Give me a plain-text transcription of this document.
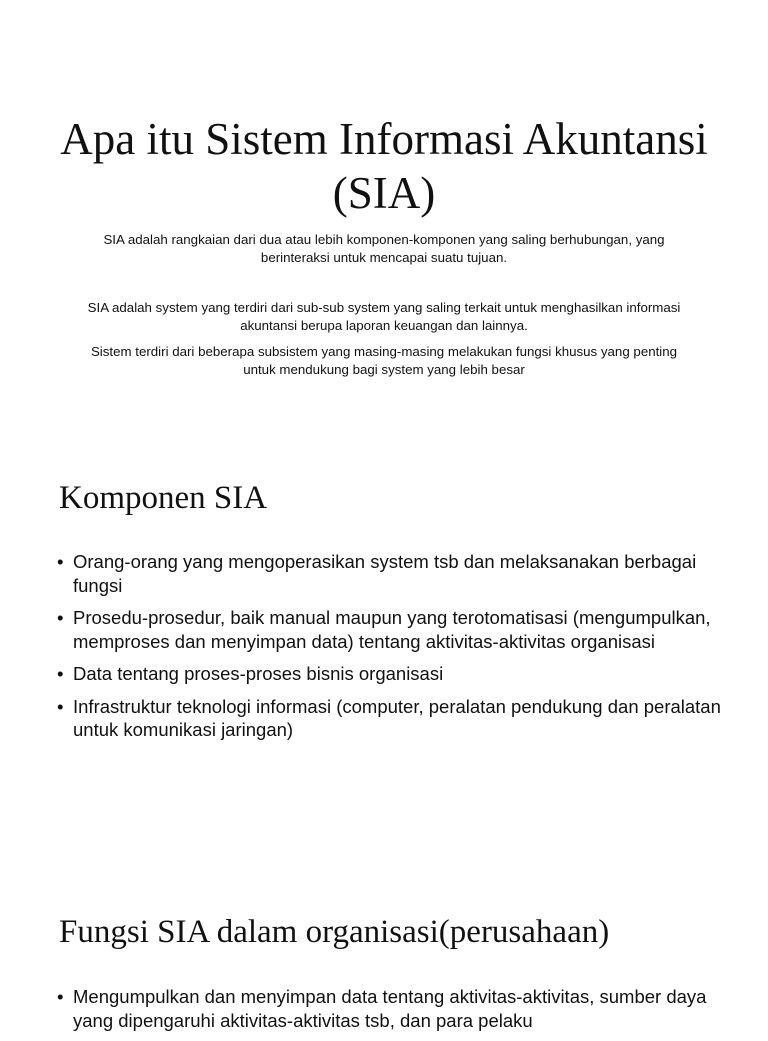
Apa itu Sistem Informasi Akuntansi (SIA)

SIA adalah rangkaian dari dua atau lebih komponen-komponen yang saling berhubungan, yang berinteraksi untuk mencapai suatu tujuan.

SIA adalah system yang terdiri dari sub-sub system yang saling terkait untuk menghasilkan informasi akuntansi berupa laporan keuangan dan lainnya.

Sistem terdiri dari beberapa subsistem yang masing-masing melakukan fungsi khusus yang penting untuk mendukung bagi system yang lebih besar

Komponen SIA
• Orang-orang yang mengoperasikan system tsb dan melaksanakan berbagai fungsi
• Prosedu-prosedur, baik manual maupun yang terotomatisasi (mengumpulkan, memproses dan menyimpan data) tentang aktivitas-aktivitas organisasi
• Data tentang proses-proses bisnis organisasi
• Infrastruktur teknologi informasi (computer, peralatan pendukung dan peralatan untuk komunikasi jaringan)
Fungsi SIA dalam organisasi(perusahaan)
• Mengumpulkan dan menyimpan data tentang aktivitas-aktivitas, sumber daya yang dipengaruhi aktivitas-aktivitas tsb, dan para pelaku
